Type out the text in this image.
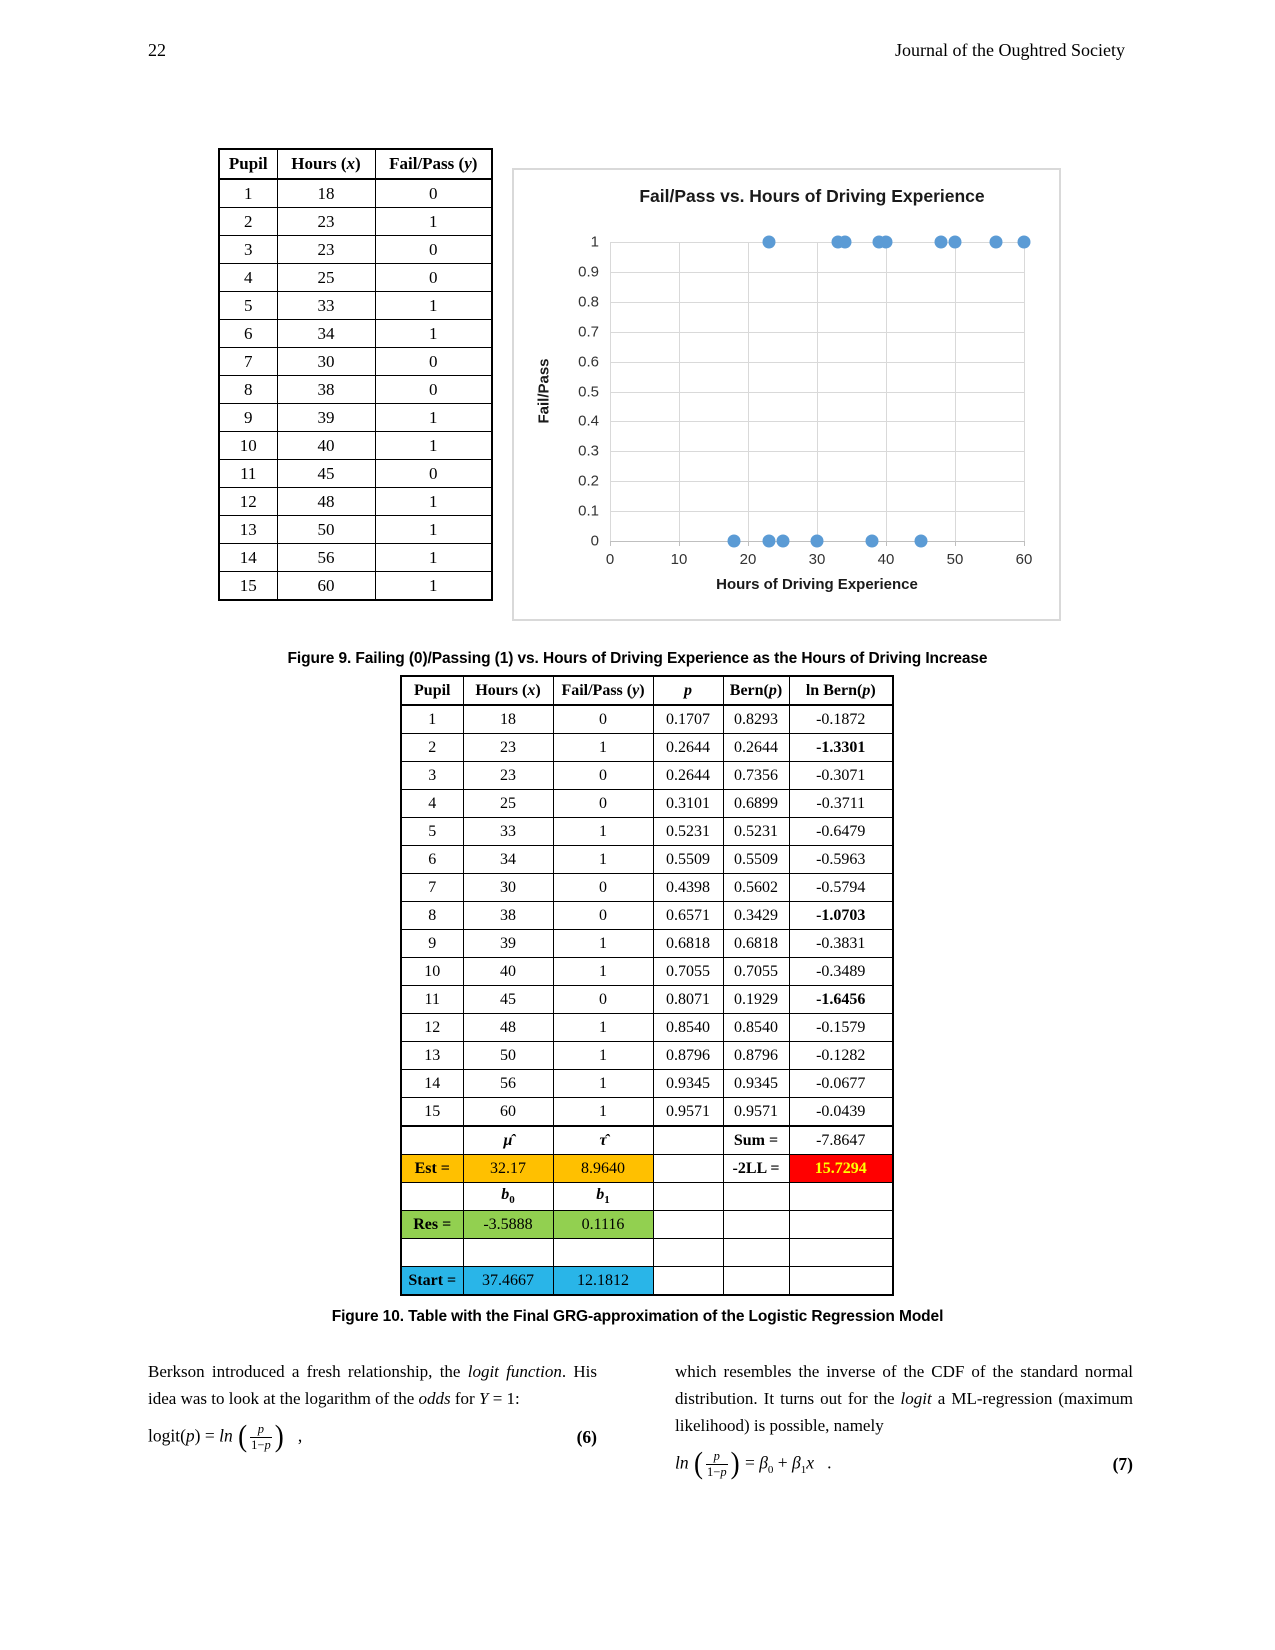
22	Journal of the Oughtred Society
Pupil	Hours (x)	Fail/Pass (y)
1	18	0
2	23	1
3	23	0
4	25	0
5	33	1
6	34	1
7	30	0
8	38	0
9	39	1
10	40	1
11	45	0
12	48	1
13	50	1
14	56	1
15	60	1
Fail/Pass vs. Hours of Driving Experience
Fail/Pass
1
0.9
0.8
0.7
0.6
0.5
0.4
0.3
0.2
0.1
0
0	10	20	30	40	50	60
Hours of Driving Experience
Figure 9. Failing (0)/Passing (1) vs. Hours of Driving Experience as the Hours of Driving Increase
Pupil	Hours (x)	Fail/Pass (y)	p	Bern(p)	ln Bern(p)
1	18	0	0.1707	0.8293	-0.1872
2	23	1	0.2644	0.2644	-1.3301
3	23	0	0.2644	0.7356	-0.3071
4	25	0	0.3101	0.6899	-0.3711
5	33	1	0.5231	0.5231	-0.6479
6	34	1	0.5509	0.5509	-0.5963
7	30	0	0.4398	0.5602	-0.5794
8	38	0	0.6571	0.3429	-1.0703
9	39	1	0.6818	0.6818	-0.3831
10	40	1	0.7055	0.7055	-0.3489
11	45	0	0.8071	0.1929	-1.6456
12	48	1	0.8540	0.8540	-0.1579
13	50	1	0.8796	0.8796	-0.1282
14	56	1	0.9345	0.9345	-0.0677
15	60	1	0.9571	0.9571	-0.0439
	μ̂	τ̂		Sum =	-7.8647
Est =	32.17	8.9640		-2LL =	15.7294
	$b_0$	$b_1$			
Res =	-3.5888	0.1116			

Start =	37.4667	12.1812			
Figure 10. Table with the Final GRG-approximation of the Logistic Regression Model
Berkson introduced a fresh relationship, the logit function. His idea was to look at the logarithm of the odds for Y = 1:
logit(p) = ln ( $\frac{p}{1-p}$ )  ,	(6)
which resembles the inverse of the CDF of the standard normal distribution. It turns out for the logit a ML-regression (maximum likelihood) is possible, namely
ln ( $\frac{p}{1-p}$ ) = $\beta_0 + \beta_1x$  .	(7)
